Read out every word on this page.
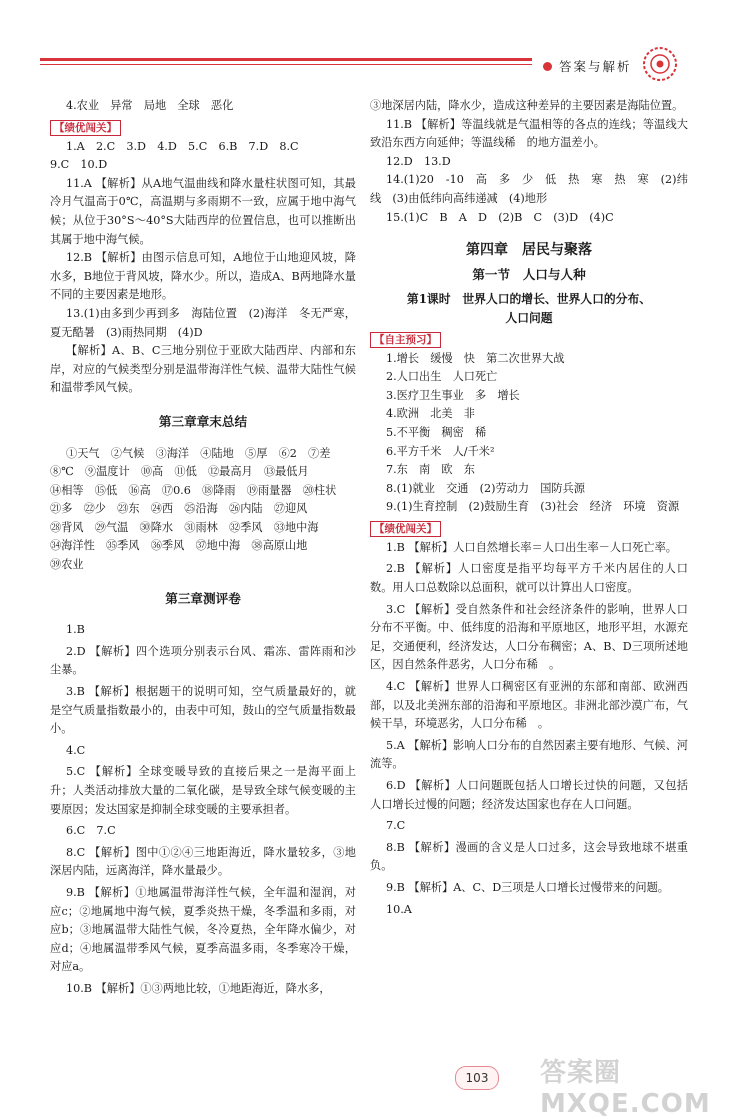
答案与解析

4.农业　异常　局地　全球　恶化

【绩优闯关】

1.A　2.C　3.D　4.D　5.C　6.B　7.D　8.C

9.C　10.D

11.A 【解析】从A地气温曲线和降水量柱状图可知，其最冷月气温高于0℃，高温期与多雨期不一致，应属于地中海气候；从位于30°S～40°S大陆西岸的位置信息，也可以推断出其属于地中海气候。

12.B 【解析】由图示信息可知，A地位于山地迎风坡，降水多，B地位于背风坡，降水少。所以，造成A、B两地降水量不同的主要因素是地形。

13.(1)由多到少再到多　海陆位置　(2)海洋　冬无严寒，夏无酷暑　(3)雨热同期　(4)D

【解析】A、B、C三地分别位于亚欧大陆西岸、内部和东岸，对应的气候类型分别是温带海洋性气候、温带大陆性气候和温带季风气候。

第三章章末总结

①天气　②气候　③海洋　④陆地　⑤厚　⑥2　⑦差

⑧℃　⑨温度计　⑩高　⑪低　⑫最高月　⑬最低月

⑭相等　⑮低　⑯高　⑰0.6　⑱降雨　⑲雨量器　⑳柱状

㉑多　㉒少　㉓东　㉔西　㉕沿海　㉖内陆　㉗迎风

㉘背风　㉙气温　㉚降水　㉛雨林　㉜季风　㉝地中海

㉞海洋性　㉟季风　㊱季风　㊲地中海　㊳高原山地

㊴农业

第三章测评卷

1.B

2.D 【解析】四个选项分别表示台风、霜冻、雷阵雨和沙尘暴。

3.B 【解析】根据题干的说明可知，空气质量最好的，就是空气质量指数最小的，由表中可知，鼓山的空气质量指数最小。

4.C

5.C 【解析】全球变暖导致的直接后果之一是海平面上升；人类活动排放大量的二氧化碳，是导致全球气候变暖的主要原因；发达国家是抑制全球变暖的主要承担者。

6.C　7.C

8.C 【解析】图中①②④三地距海近，降水量较多，③地深居内陆，远离海洋，降水量最少。

9.B 【解析】①地属温带海洋性气候，全年温和湿润，对应c；②地属地中海气候，夏季炎热干燥，冬季温和多雨，对应b；③地属温带大陆性气候，冬冷夏热，全年降水偏少，对应d；④地属温带季风气候，夏季高温多雨，冬季寒冷干燥，对应a。

10.B 【解析】①③两地比较，①地距海近，降水多，

③地深居内陆，降水少，造成这种差异的主要因素是海陆位置。

11.B 【解析】等温线就是气温相等的各点的连线；等温线大致沿东西方向延伸；等温线稀　的地方温差小。

12.D　13.D

14.(1)20　-10　高　多　少　低　热　寒　热　寒　(2)纬线　(3)由低纬向高纬递减　(4)地形

15.(1)C　B　A　D　(2)B　C　(3)D　(4)C

第四章　居民与聚落

第一节　人口与人种

第1课时　世界人口的增长、世界人口的分布、

人口问题

【自主预习】

1.增长　缓慢　快　第二次世界大战

2.人口出生　人口死亡

3.医疗卫生事业　多　增长

4.欧洲　北美　非

5.不平衡　稠密　稀

6.平方千米　人/千米²

7.东　南　欧　东

8.(1)就业　交通　(2)劳动力　国防兵源

9.(1)生育控制　(2)鼓励生育　(3)社会　经济　环境　资源

【绩优闯关】

1.B 【解析】人口自然增长率＝人口出生率－人口死亡率。

2.B 【解析】人口密度是指平均每平方千米内居住的人口数。用人口总数除以总面积，就可以计算出人口密度。

3.C 【解析】受自然条件和社会经济条件的影响，世界人口分布不平衡。中、低纬度的沿海和平原地区，地形平坦，水源充足，交通便利，经济发达，人口分布稠密；A、B、D三项所述地区，因自然条件恶劣，人口分布稀　。

4.C 【解析】世界人口稠密区有亚洲的东部和南部、欧洲西部，以及北美洲东部的沿海和平原地区。非洲北部沙漠广布，气候干旱，环境恶劣，人口分布稀　。

5.A 【解析】影响人口分布的自然因素主要有地形、气候、河流等。

6.D 【解析】人口问题既包括人口增长过快的问题，又包括人口增长过慢的问题；经济发达国家也存在人口问题。

7.C

8.B 【解析】漫画的含义是人口过多，这会导致地球不堪重负。

9.B 【解析】A、C、D三项是人口增长过慢带来的问题。

10.A

103	答案圈 MXQE.COM
